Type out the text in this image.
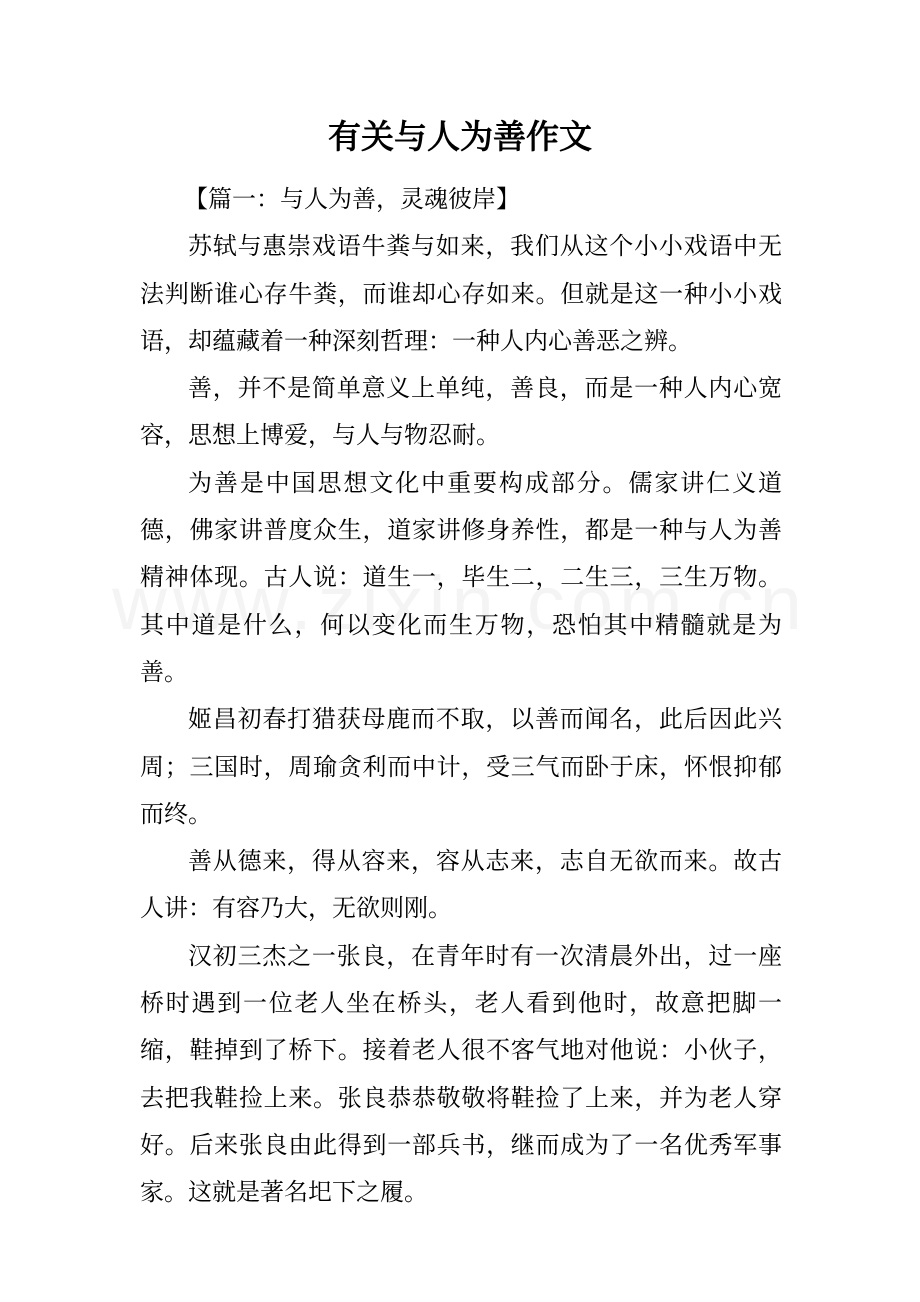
有关与人为善作文

【篇一：与人为善，灵魂彼岸】

苏轼与惠崇戏语牛粪与如来，我们从这个小小戏语中无法判断谁心存牛粪，而谁却心存如来。但就是这一种小小戏语，却蕴藏着一种深刻哲理：一种人内心善恶之辨。

善，并不是简单意义上单纯，善良，而是一种人内心宽容，思想上博爱，与人与物忍耐。

为善是中国思想文化中重要构成部分。儒家讲仁义道德，佛家讲普度众生，道家讲修身养性，都是一种与人为善精神体现。古人说：道生一，毕生二，二生三，三生万物。其中道是什么，何以变化而生万物，恐怕其中精髓就是为善。

姬昌初春打猎获母鹿而不取，以善而闻名，此后因此兴周；三国时，周瑜贪利而中计，受三气而卧于床，怀恨抑郁而终。

善从德来，得从容来，容从志来，志自无欲而来。故古人讲：有容乃大，无欲则刚。

汉初三杰之一张良，在青年时有一次清晨外出，过一座桥时遇到一位老人坐在桥头，老人看到他时，故意把脚一缩，鞋掉到了桥下。接着老人很不客气地对他说：小伙子，去把我鞋捡上来。张良恭恭敬敬将鞋捡了上来，并为老人穿好。后来张良由此得到一部兵书，继而成为了一名优秀军事家。这就是著名圯下之履。
